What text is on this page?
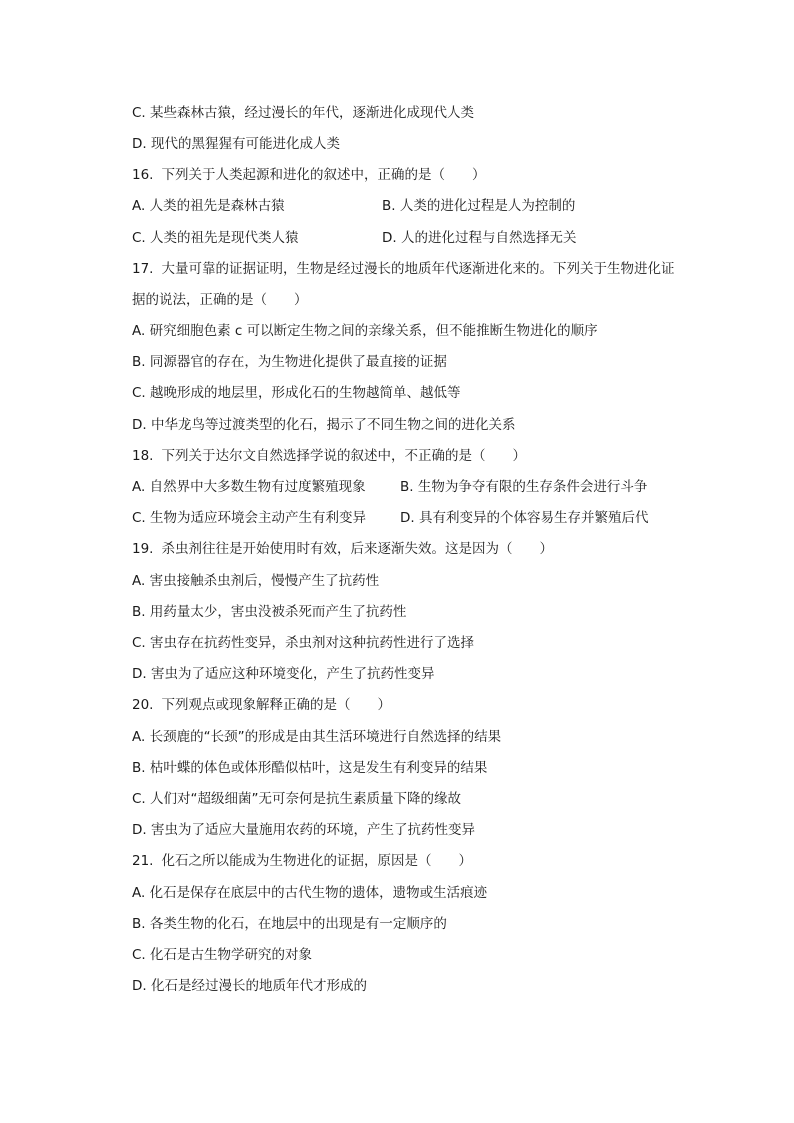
C. 某些森林古猿，经过漫长的年代，逐渐进化成现代人类
D. 现代的黑猩猩有可能进化成人类
16. 下列关于人类起源和进化的叙述中，正确的是（　　）
A. 人类的祖先是森林古猿	B. 人类的进化过程是人为控制的
C. 人类的祖先是现代类人猿	D. 人的进化过程与自然选择无关
17. 大量可靠的证据证明，生物是经过漫长的地质年代逐渐进化来的。下列关于生物进化证
据的说法，正确的是（　　）
A. 研究细胞色素 c 可以断定生物之间的亲缘关系，但不能推断生物进化的顺序
B. 同源器官的存在，为生物进化提供了最直接的证据
C. 越晚形成的地层里，形成化石的生物越简单、越低等
D. 中华龙鸟等过渡类型的化石，揭示了不同生物之间的进化关系
18. 下列关于达尔文自然选择学说的叙述中，不正确的是（　　）
A. 自然界中大多数生物有过度繁殖现象	B. 生物为争夺有限的生存条件会进行斗争
C. 生物为适应环境会主动产生有利变异	D. 具有利变异的个体容易生存并繁殖后代
19. 杀虫剂往往是开始使用时有效，后来逐渐失效。这是因为（　　）
A. 害虫接触杀虫剂后，慢慢产生了抗药性
B. 用药量太少，害虫没被杀死而产生了抗药性
C. 害虫存在抗药性变异，杀虫剂对这种抗药性进行了选择
D. 害虫为了适应这种环境变化，产生了抗药性变异
20. 下列观点或现象解释正确的是（　　）
A. 长颈鹿的“长颈”的形成是由其生活环境进行自然选择的结果
B. 枯叶蝶的体色或体形酷似枯叶，这是发生有利变异的结果
C. 人们对“超级细菌”无可奈何是抗生素质量下降的缘故
D. 害虫为了适应大量施用农药的环境，产生了抗药性变异
21. 化石之所以能成为生物进化的证据，原因是（　　）
A. 化石是保存在底层中的古代生物的遗体，遗物或生活痕迹
B. 各类生物的化石，在地层中的出现是有一定顺序的
C. 化石是古生物学研究的对象
D. 化石是经过漫长的地质年代才形成的
